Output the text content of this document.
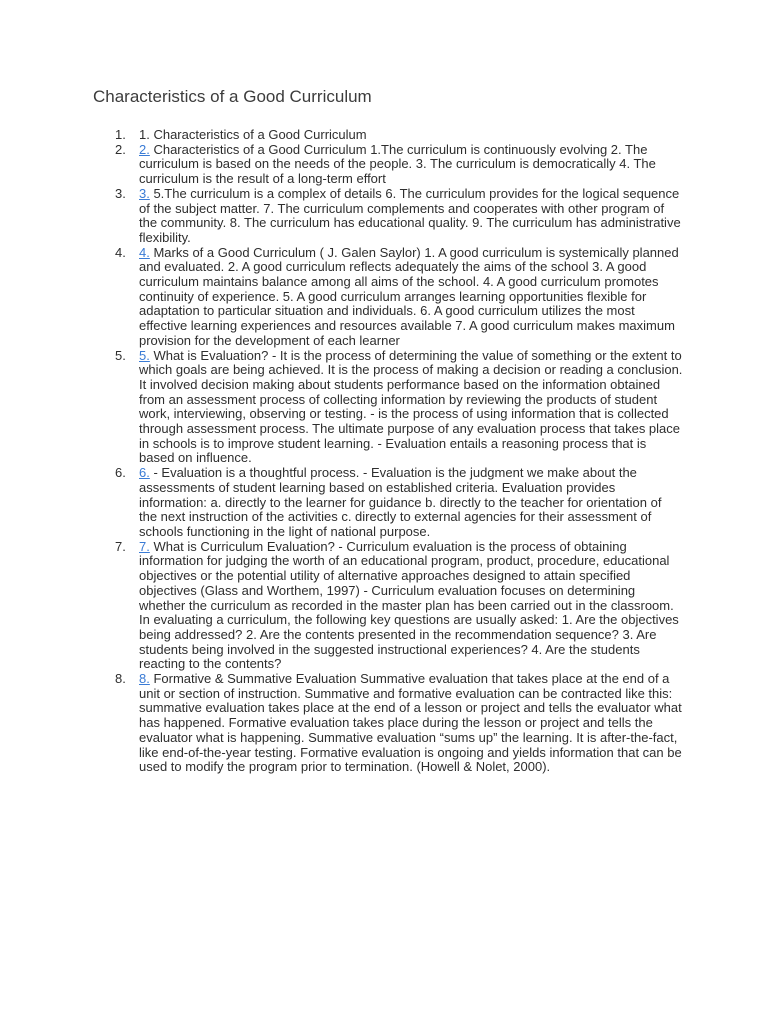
Characteristics of a Good Curriculum
1.	1. Characteristics of a Good Curriculum
2.	2. Characteristics of a Good Curriculum 1.The curriculum is continuously evolving 2. The curriculum is based on the needs of the people. 3. The curriculum is democratically 4. The curriculum is the result of a long-term effort
3.	3. 5.The curriculum is a complex of details 6. The curriculum provides for the logical sequence of the subject matter. 7. The curriculum complements and cooperates with other program of the community. 8. The curriculum has educational quality. 9. The curriculum has administrative flexibility.
4.	4. Marks of a Good Curriculum ( J. Galen Saylor) 1. A good curriculum is systemically planned and evaluated. 2. A good curriculum reflects adequately the aims of the school 3. A good curriculum maintains balance among all aims of the school. 4. A good curriculum promotes continuity of experience. 5. A good curriculum arranges learning opportunities flexible for adaptation to particular situation and individuals. 6. A good curriculum utilizes the most effective learning experiences and resources available 7. A good curriculum makes maximum provision for the development of each learner
5.	5. What is Evaluation? - It is the process of determining the value of something or the extent to which goals are being achieved. It is the process of making a decision or reading a conclusion. It involved decision making about students performance based on the information obtained from an assessment process of collecting information by reviewing the products of student work, interviewing, observing or testing. - is the process of using information that is collected through assessment process. The ultimate purpose of any evaluation process that takes place in schools is to improve student learning. - Evaluation entails a reasoning process that is based on influence.
6.	6. - Evaluation is a thoughtful process. - Evaluation is the judgment we make about the assessments of student learning based on established criteria. Evaluation provides information: a. directly to the learner for guidance b. directly to the teacher for orientation of the next instruction of the activities c. directly to external agencies for their assessment of schools functioning in the light of national purpose.
7.	7. What is Curriculum Evaluation? - Curriculum evaluation is the process of obtaining information for judging the worth of an educational program, product, procedure, educational objectives or the potential utility of alternative approaches designed to attain specified objectives (Glass and Worthem, 1997) - Curriculum evaluation focuses on determining whether the curriculum as recorded in the master plan has been carried out in the classroom. In evaluating a curriculum, the following key questions are usually asked: 1. Are the objectives being addressed? 2. Are the contents presented in the recommendation sequence? 3. Are students being involved in the suggested instructional experiences? 4. Are the students reacting to the contents?
8.	8. Formative & Summative Evaluation Summative evaluation that takes place at the end of a unit or section of instruction. Summative and formative evaluation can be contracted like this: summative evaluation takes place at the end of a lesson or project and tells the evaluator what has happened. Formative evaluation takes place during the lesson or project and tells the evaluator what is happening. Summative evaluation “sums up” the learning. It is after-the-fact, like end-of-the-year testing. Formative evaluation is ongoing and yields information that can be used to modify the program prior to termination. (Howell & Nolet, 2000).
